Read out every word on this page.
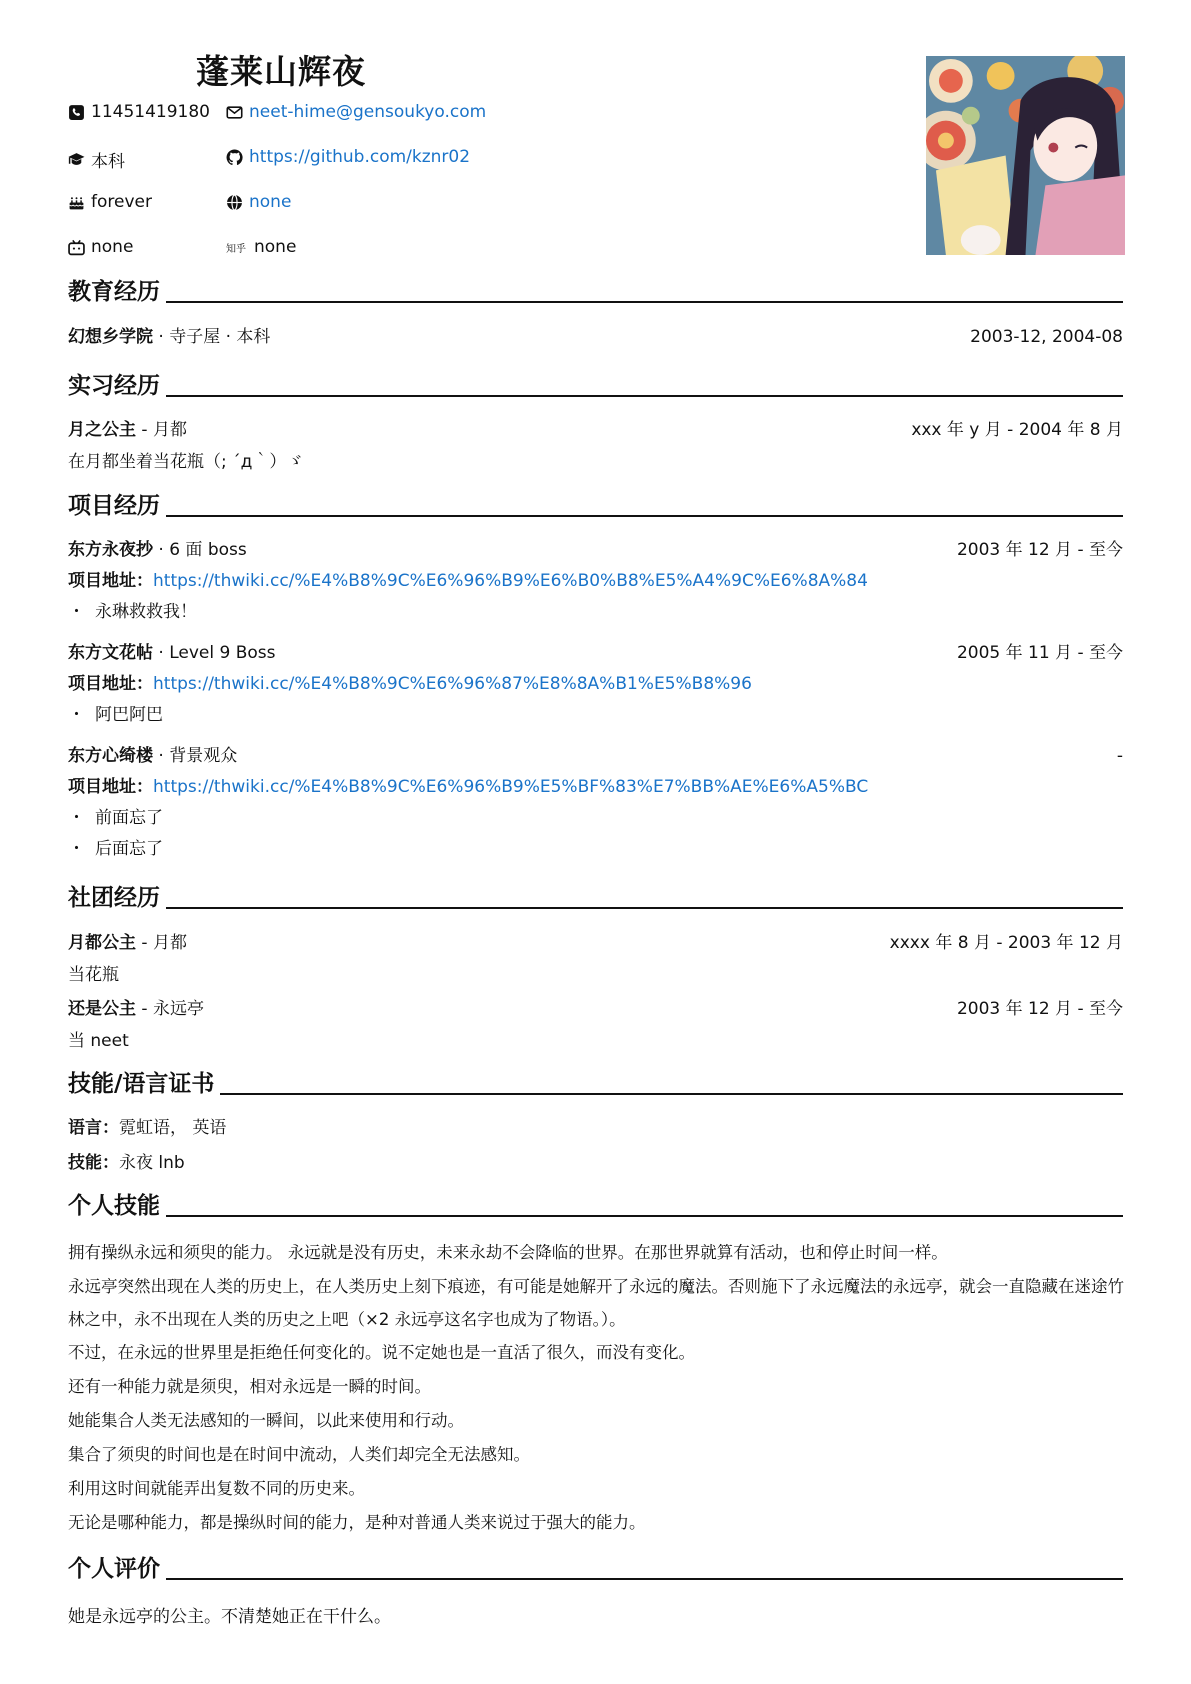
蓬莱山辉夜
11451419180 neet-hime@gensoukyo.com
本科	https://github.com/kznr02
forever	none
none	知乎 none
教育经历
幻想乡学院 · 寺子屋 · 本科	2003-12, 2004-08
实习经历
月之公主 - 月都	xxx 年 y 月 - 2004 年 8 月
在月都坐着当花瓶（; ´д｀）ゞ
项目经历
东方永夜抄 · 6 面 boss	2003 年 12 月 - 至今
项目地址：https://thwiki.cc/%E4%B8%9C%E6%96%B9%E6%B0%B8%E5%A4%9C%E6%8A%84
・ 永琳救救我！
东方文花帖 · Level 9 Boss	2005 年 11 月 - 至今
项目地址：https://thwiki.cc/%E4%B8%9C%E6%96%87%E8%8A%B1%E5%B8%96
・ 阿巴阿巴
东方心绮楼 · 背景观众	-
项目地址：https://thwiki.cc/%E4%B8%9C%E6%96%B9%E5%BF%83%E7%BB%AE%E6%A5%BC
・ 前面忘了
・ 后面忘了
社团经历
月都公主 - 月都	xxxx 年 8 月 - 2003 年 12 月
当花瓶
还是公主 - 永远亭	2003 年 12 月 - 至今
当 neet
技能/语言证书
语言：霓虹语， 英语
技能：永夜 lnb
个人技能

拥有操纵永远和须臾的能力。 永远就是没有历史，未来永劫不会降临的世界。在那世界就算有活动，也和停止时间一样。

永远亭突然出现在人类的历史上，在人类历史上刻下痕迹，有可能是她解开了永远的魔法。否则施下了永远魔法的永远亭，就会一直隐藏在迷途竹林之中，永不出现在人类的历史之上吧（×2 永远亭这名字也成为了物语。）。

不过，在永远的世界里是拒绝任何变化的。说不定她也是一直活了很久，而没有变化。

还有一种能力就是须臾，相对永远是一瞬的时间。

她能集合人类无法感知的一瞬间，以此来使用和行动。

集合了须臾的时间也是在时间中流动，人类们却完全无法感知。

利用这时间就能弄出复数不同的历史来。

无论是哪种能力，都是操纵时间的能力，是种对普通人类来说过于强大的能力。

个人评价
她是永远亭的公主。不清楚她正在干什么。
